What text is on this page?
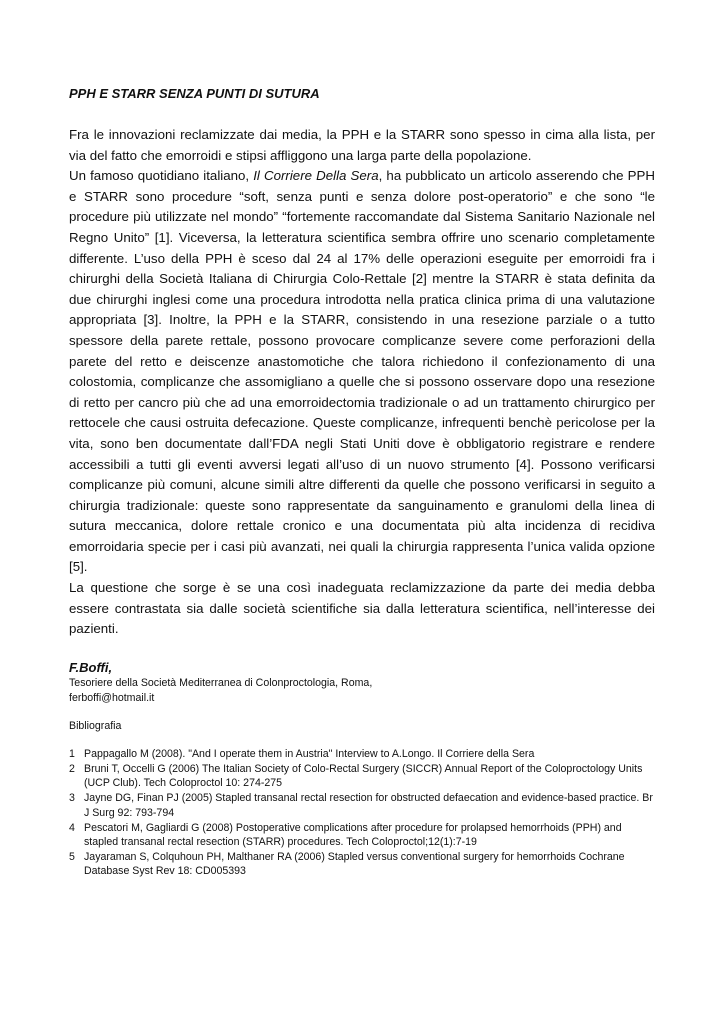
PPH E STARR SENZA PUNTI DI SUTURA

Fra le innovazioni reclamizzate dai media, la PPH e la STARR sono spesso in cima alla lista, per via del fatto che emorroidi e stipsi affliggono una larga parte della popolazione.

Un famoso quotidiano italiano, Il Corriere Della Sera, ha pubblicato un articolo asserendo che PPH e STARR sono procedure “soft, senza punti e senza dolore post-operatorio” e che sono “le procedure più utilizzate nel mondo” “fortemente raccomandate dal Sistema Sanitario Nazionale nel Regno Unito” [1]. Viceversa, la letteratura scientifica sembra offrire uno scenario completamente differente. L’uso della PPH è sceso dal 24 al 17% delle operazioni eseguite per emorroidi fra i chirurghi della Società Italiana di Chirurgia Colo-Rettale [2] mentre la STARR è stata definita da due chirurghi inglesi come una procedura introdotta nella pratica clinica prima di una valutazione appropriata [3]. Inoltre, la PPH e la STARR, consistendo in una resezione parziale o a tutto spessore della parete rettale, possono provocare complicanze severe come perforazioni della parete del retto e deiscenze anastomotiche che talora richiedono il confezionamento di una colostomia, complicanze che assomigliano a quelle che si possono osservare dopo una resezione di retto per cancro più che ad una emorroidectomia tradizionale o ad un trattamento chirurgico per rettocele che causi ostruita defecazione. Queste complicanze, infrequenti benchè pericolose per la vita, sono ben documentate dall’FDA negli Stati Uniti dove è obbligatorio registrare e rendere accessibili a tutti gli eventi avversi legati all’uso di un nuovo strumento [4]. Possono verificarsi complicanze più comuni, alcune simili altre differenti da quelle che possono verificarsi in seguito a chirurgia tradizionale: queste sono rappresentate da sanguinamento e granulomi della linea di sutura meccanica, dolore rettale cronico e una documentata più alta incidenza di recidiva emorroidaria specie per i casi più avanzati, nei quali la chirurgia rappresenta l’unica valida opzione [5].

La questione che sorge è se una così inadeguata reclamizzazione da parte dei media debba essere contrastata sia dalle società scientifiche sia dalla letteratura scientifica, nell’interesse dei pazienti.

F.Boffi,
Tesoriere della Società Mediterranea di Colonproctologia, Roma,
ferboffi@hotmail.it
Bibliografia
1 Pappagallo M (2008). "And I operate them in Austria" Interview to A.Longo. Il Corriere della Sera
2 Bruni T, Occelli G (2006) The Italian Society of Colo-Rectal Surgery (SICCR) Annual Report of the Coloproctology Units (UCP Club). Tech Coloproctol 10: 274-275
3 Jayne DG, Finan PJ (2005) Stapled transanal rectal resection for obstructed defaecation and evidence-based practice. Br J Surg 92: 793-794
4 Pescatori M, Gagliardi G (2008) Postoperative complications after procedure for prolapsed hemorrhoids (PPH) and stapled transanal rectal resection (STARR) procedures. Tech Coloproctol;12(1):7-19
5 Jayaraman S, Colquhoun PH, Malthaner RA (2006) Stapled versus conventional surgery for hemorrhoids Cochrane Database Syst Rev 18: CD005393
